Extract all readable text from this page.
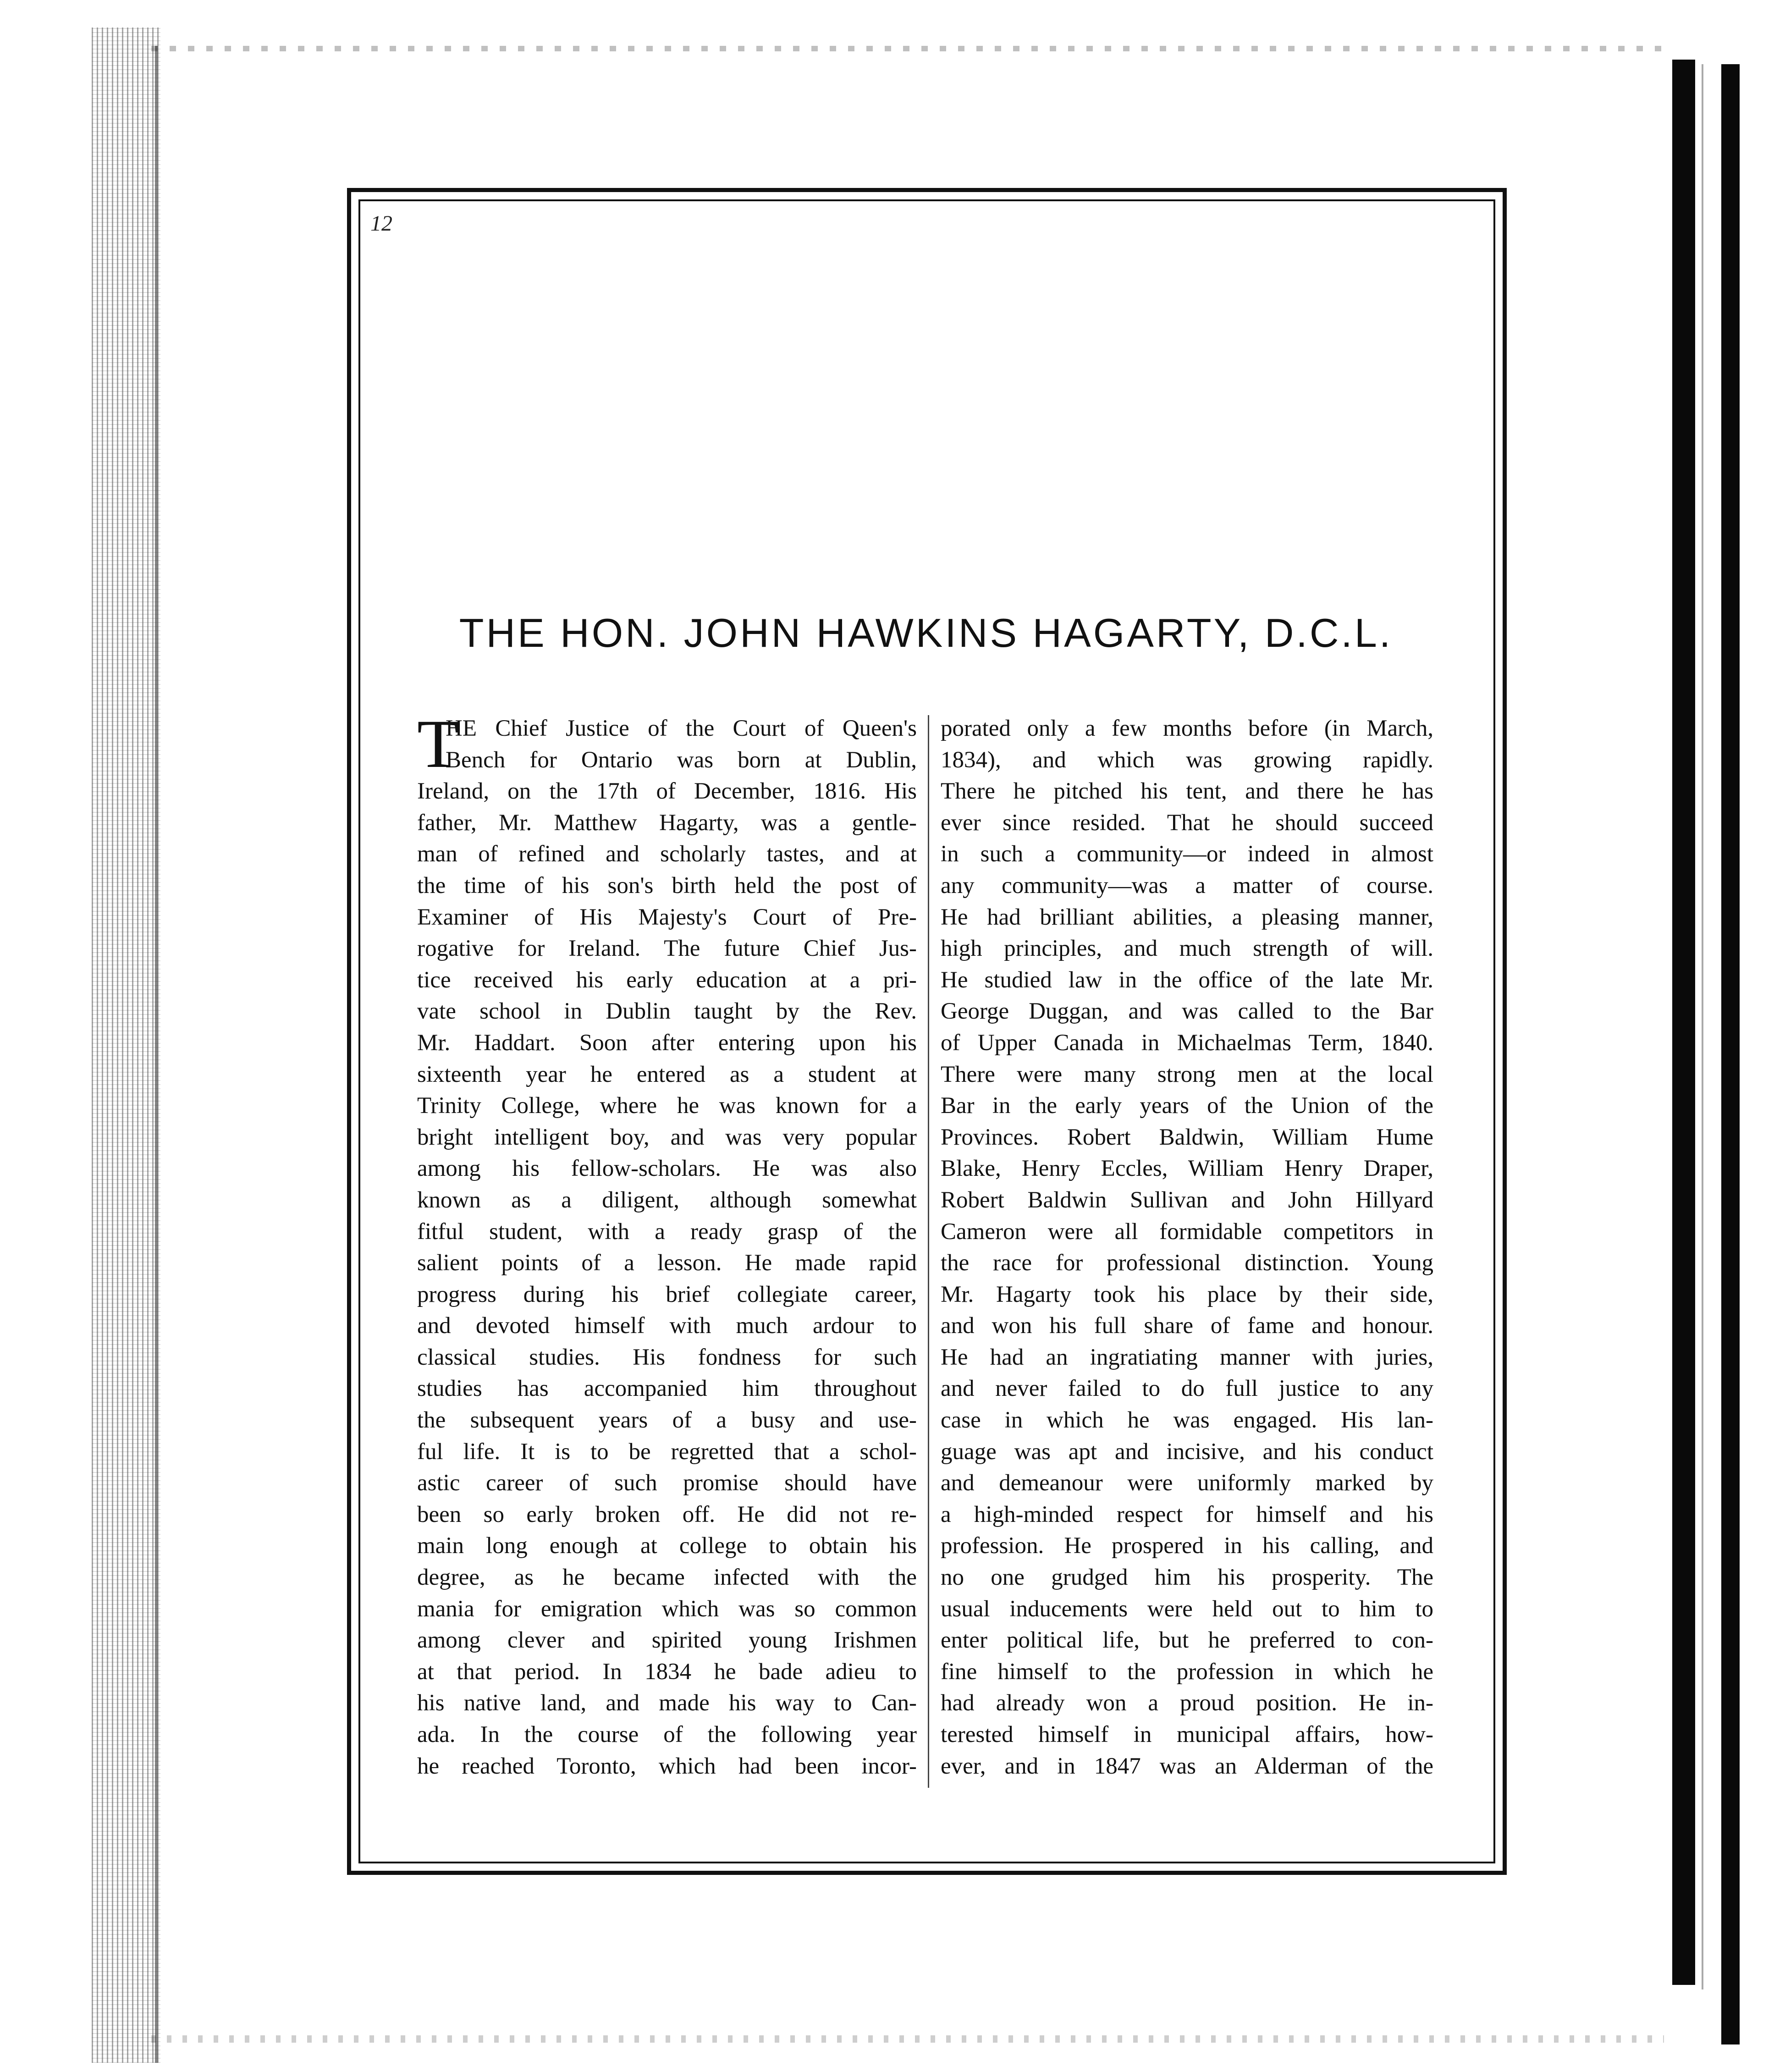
12
THE HON. JOHN HAWKINS HAGARTY, D.C.L.
T
HE Chief Justice of the Court of Queen's
Bench for Ontario was born at Dublin,
Ireland, on the 17th of December, 1816. His
father, Mr. Matthew Hagarty, was a gentle-
man of refined and scholarly tastes, and at
the time of his son's birth held the post of
Examiner of His Majesty's Court of Pre-
rogative for Ireland. The future Chief Jus-
tice received his early education at a pri-
vate school in Dublin taught by the Rev.
Mr. Haddart. Soon after entering upon his
sixteenth year he entered as a student at
Trinity College, where he was known for a
bright intelligent boy, and was very popular
among his fellow-scholars. He was also
known as a diligent, although somewhat
fitful student, with a ready grasp of the
salient points of a lesson. He made rapid
progress during his brief collegiate career,
and devoted himself with much ardour to
classical studies. His fondness for such
studies has accompanied him throughout
the subsequent years of a busy and use-
ful life. It is to be regretted that a schol-
astic career of such promise should have
been so early broken off. He did not re-
main long enough at college to obtain his
degree, as he became infected with the
mania for emigration which was so common
among clever and spirited young Irishmen
at that period. In 1834 he bade adieu to
his native land, and made his way to Can-
ada. In the course of the following year
he reached Toronto, which had been incor-
porated only a few months before (in March,
1834), and which was growing rapidly.
There he pitched his tent, and there he has
ever since resided. That he should succeed
in such a community—or indeed in almost
any community—was a matter of course.
He had brilliant abilities, a pleasing manner,
high principles, and much strength of will.
He studied law in the office of the late Mr.
George Duggan, and was called to the Bar
of Upper Canada in Michaelmas Term, 1840.
There were many strong men at the local
Bar in the early years of the Union of the
Provinces. Robert Baldwin, William Hume
Blake, Henry Eccles, William Henry Draper,
Robert Baldwin Sullivan and John Hillyard
Cameron were all formidable competitors in
the race for professional distinction. Young
Mr. Hagarty took his place by their side,
and won his full share of fame and honour.
He had an ingratiating manner with juries,
and never failed to do full justice to any
case in which he was engaged. His lan-
guage was apt and incisive, and his conduct
and demeanour were uniformly marked by
a high-minded respect for himself and his
profession. He prospered in his calling, and
no one grudged him his prosperity. The
usual inducements were held out to him to
enter political life, but he preferred to con-
fine himself to the profession in which he
had already won a proud position. He in-
terested himself in municipal affairs, how-
ever, and in 1847 was an Alderman of the
